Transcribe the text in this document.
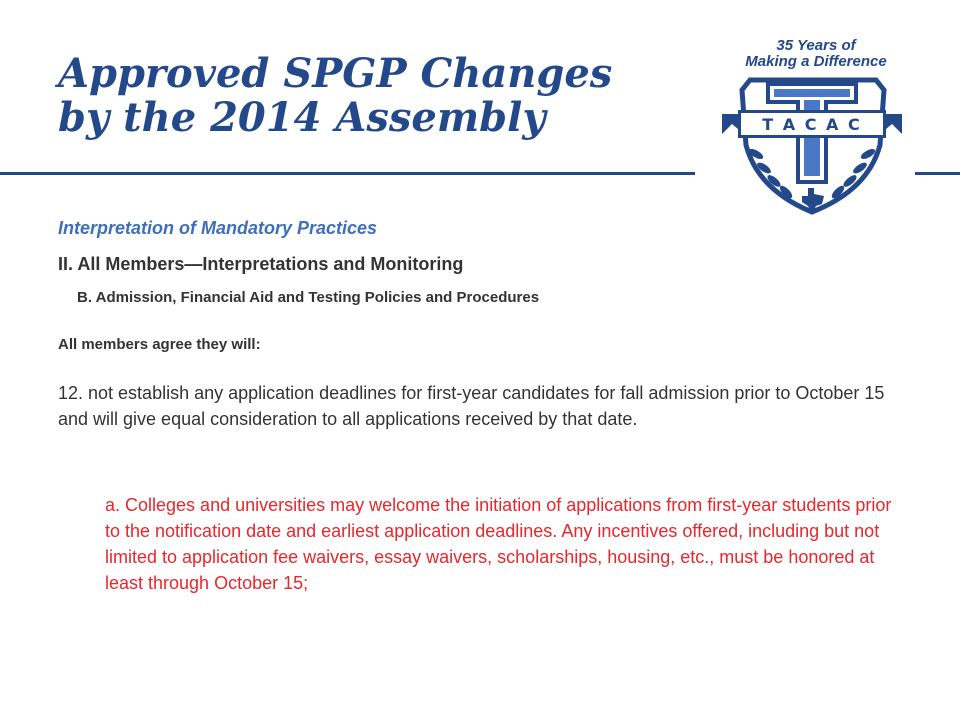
Approved SPGP Changes
by the 2014 Assembly
35 Years of
Making a Difference
T A C A C
Interpretation of Mandatory Practices
II. All Members—Interpretations and Monitoring
B. Admission, Financial Aid and Testing Policies and Procedures
All members agree they will:

12. not establish any application deadlines for first-year candidates for fall admission prior to October 15 and will give equal consideration to all applications received by that date.

a. Colleges and universities may welcome the initiation of applications from first-year students prior to the notification date and earliest application deadlines. Any incentives offered, including but not limited to application fee waivers, essay waivers, scholarships, housing, etc., must be honored at least through October 15;
